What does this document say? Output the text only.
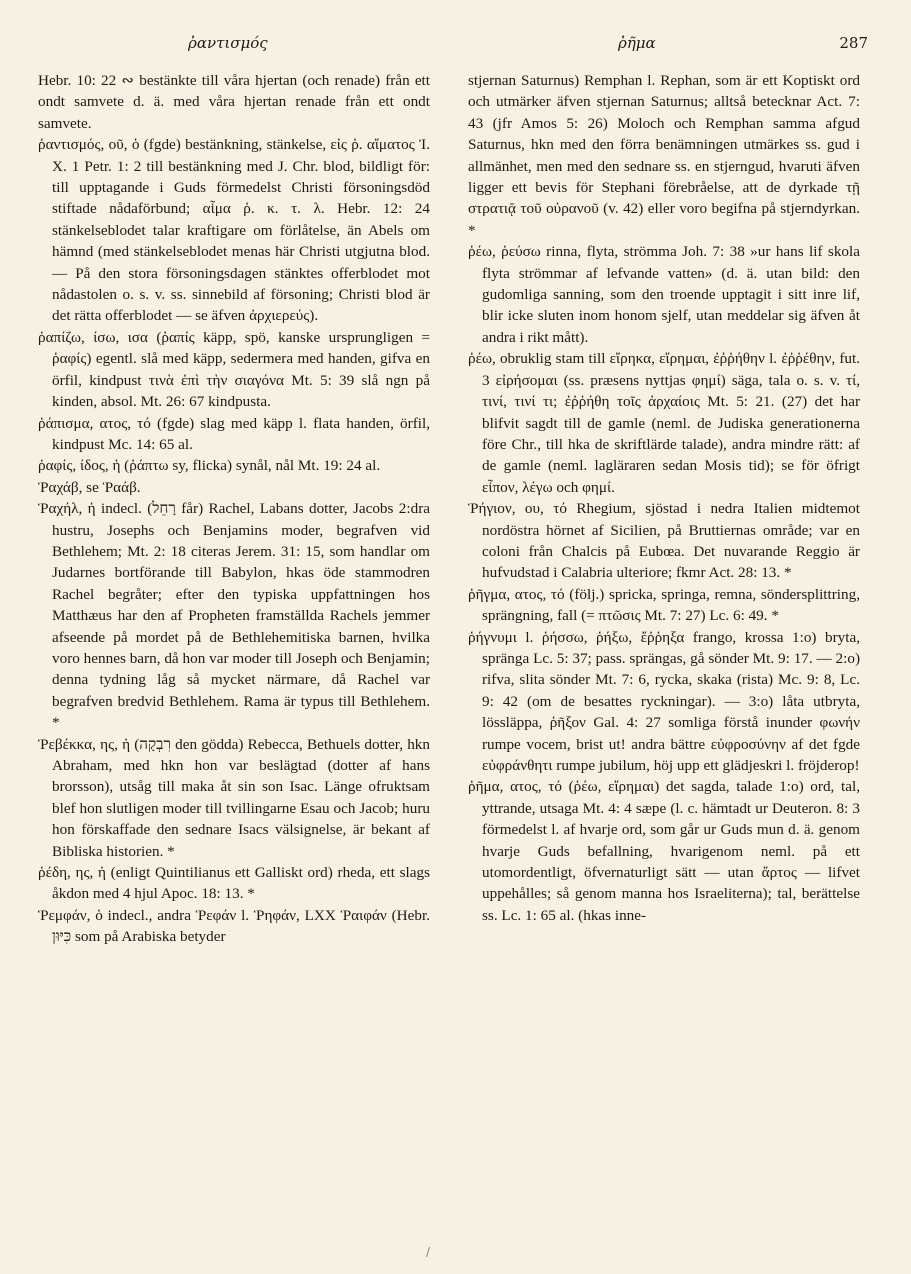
ῥαντισμός	ῥῆμα	287

Hebr. 10: 22 ∾ bestänkte till våra hjertan (och renade) från ett ondt samvete d. ä. med våra hjertan renade från ett ondt samvete.

ῥαντισμός, οῦ, ὁ (fgde) bestänkning, stänkelse, εἰς ῥ. αἵματος Ἰ. Χ. 1 Petr. 1: 2 till bestänkning med J. Chr. blod, bildligt för: till upptagande i Guds förmedelst Christi försoningsdöd stiftade nådaförbund; αἷμα ῥ. κ. τ. λ. Hebr. 12: 24 stänkelseblodet talar kraftigare om förlåtelse, än Abels om hämnd (med stänkelseblodet menas här Christi utgjutna blod. — På den stora försoningsdagen stänktes offerblodet mot nådastolen o. s. v. ss. sinnebild af försoning; Christi blod är det rätta offerblodet — se äfven ἀρχιερεύς).

ῥαπίζω, ίσω, ισα (ῥαπίς käpp, spö, kanske ursprungligen = ῥαφίς) egentl. slå med käpp, sedermera med handen, gifva en örfil, kindpust τινὰ ἐπὶ τὴν σιαγόνα Mt. 5: 39 slå ngn på kinden, absol. Mt. 26: 67 kindpusta.

ῥάπισμα, ατος, τό (fgde) slag med käpp l. flata handen, örfil, kindpust Mc. 14: 65 al.

ῥαφίς, ίδος, ἡ (ῥάπτω sy, flicka) synål, nål Mt. 19: 24 al.

Ῥαχάβ, se Ῥαάβ.

Ῥαχήλ, ἡ indecl. (רָחֵל får) Rachel, Labans dotter, Jacobs 2:dra hustru, Josephs och Benjamins moder, begrafven vid Bethlehem; Mt. 2: 18 citeras Jerem. 31: 15, som handlar om Judarnes bortförande till Babylon, hkas öde stammodren Rachel begråter; efter den typiska uppfattningen hos Matthæus har den af Propheten framställda Rachels jemmer afseende på mordet på de Bethlehemitiska barnen, hvilka voro hennes barn, då hon var moder till Joseph och Benjamin; denna tydning låg så mycket närmare, då Rachel var begrafven bredvid Bethlehem. Rama är typus till Bethlehem. *

Ῥεβέκκα, ης, ἡ (רִבְקָה den gödda) Rebecca, Bethuels dotter, hkn Abraham, med hkn hon var beslägtad (dotter af hans brorsson), utsåg till maka åt sin son Isac. Länge ofruktsam blef hon slutligen moder till tvillingarne Esau och Jacob; huru hon förskaffade den sednare Isacs välsignelse, är bekant af Bibliska historien. *

ῥέδη, ης, ἡ (enligt Quintilianus ett Galliskt ord) rheda, ett slags åkdon med 4 hjul Apoc. 18: 13. *

Ῥεμφάν, ὁ indecl., andra Ῥεφάν l. Ῥηφάν, LXX Ῥαιφάν (Hebr. כִּיּוּן som på Arabiska betyder

stjernan Saturnus) Remphan l. Rephan, som är ett Koptiskt ord och utmärker äfven stjernan Saturnus; alltså betecknar Act. 7: 43 (jfr Amos 5: 26) Moloch och Remphan samma afgud Saturnus, hkn med den förra benämningen utmärkes ss. gud i allmänhet, men med den sednare ss. en stjerngud, hvaruti äfven ligger ett bevis för Stephani förebråelse, att de dyrkade τῇ στρατιᾷ τοῦ οὐρανοῦ (v. 42) eller voro begifna på stjerndyrkan. *

ῥέω, ῥεύσω rinna, flyta, strömma Joh. 7: 38 »ur hans lif skola flyta strömmar af lefvande vatten» (d. ä. utan bild: den gudomliga sanning, som den troende upptagit i sitt inre lif, blir icke sluten inom honom sjelf, utan meddelar sig äfven åt andra i rikt mått).

ῥέω, obruklig stam till εἴρηκα, εἴρημαι, ἐῤῥήθην l. ἐῤῥέθην, fut. 3 εἰρήσομαι (ss. præsens nyttjas φημί) säga, tala o. s. v. τί, τινί, τινί τι; ἐῤῥήθη τοῖς ἀρχαίοις Mt. 5: 21. (27) det har blifvit sagdt till de gamle (neml. de Judiska generationerna före Chr., till hka de skriftlärde talade), andra mindre rätt: af de gamle (neml. lagläraren sedan Mosis tid); se för öfrigt εἶπον, λέγω och φημί.

Ῥήγιον, ου, τό Rhegium, sjöstad i nedra Italien midtemot nordöstra hörnet af Sicilien, på Bruttiernas område; var en coloni från Chalcis på Eubœa. Det nuvarande Reggio är hufvudstad i Calabria ulteriore; fkmr Act. 28: 13. *

ῥῆγμα, ατος, τό (följ.) spricka, springa, remna, söndersplittring, sprängning, fall (= πτῶσις Mt. 7: 27) Lc. 6: 49. *

ῥήγνυμι l. ῥήσσω, ῥήξω, ἔῤῥηξα frango, krossa 1:o) bryta, spränga Lc. 5: 37; pass. sprängas, gå sönder Mt. 9: 17. — 2:o) rifva, slita sönder Mt. 7: 6, rycka, skaka (rista) Mc. 9: 8, Lc. 9: 42 (om de besattes ryckningar). — 3:o) låta utbryta, lössläppa, ῥῆξον Gal. 4: 27 somliga förstå inunder φωνήν rumpe vocem, brist ut! andra bättre εὐφροσύνην af det fgde εὐφράνθητι rumpe jubilum, höj upp ett glädjeskri l. fröjderop!

ῥῆμα, ατος, τό (ῥέω, εἴρημαι) det sagda, talade 1:o) ord, tal, yttrande, utsaga Mt. 4: 4 sæpe (l. c. hämtadt ur Deuteron. 8: 3 förmedelst l. af hvarje ord, som går ur Guds mun d. ä. genom hvarje Guds befallning, hvarigenom neml. på ett utomordentligt, öfvernaturligt sätt — utan ἄρτος — lifvet uppehålles; så genom manna hos Israeliterna); tal, berättelse ss. Lc. 1: 65 al. (hkas inne-

/
